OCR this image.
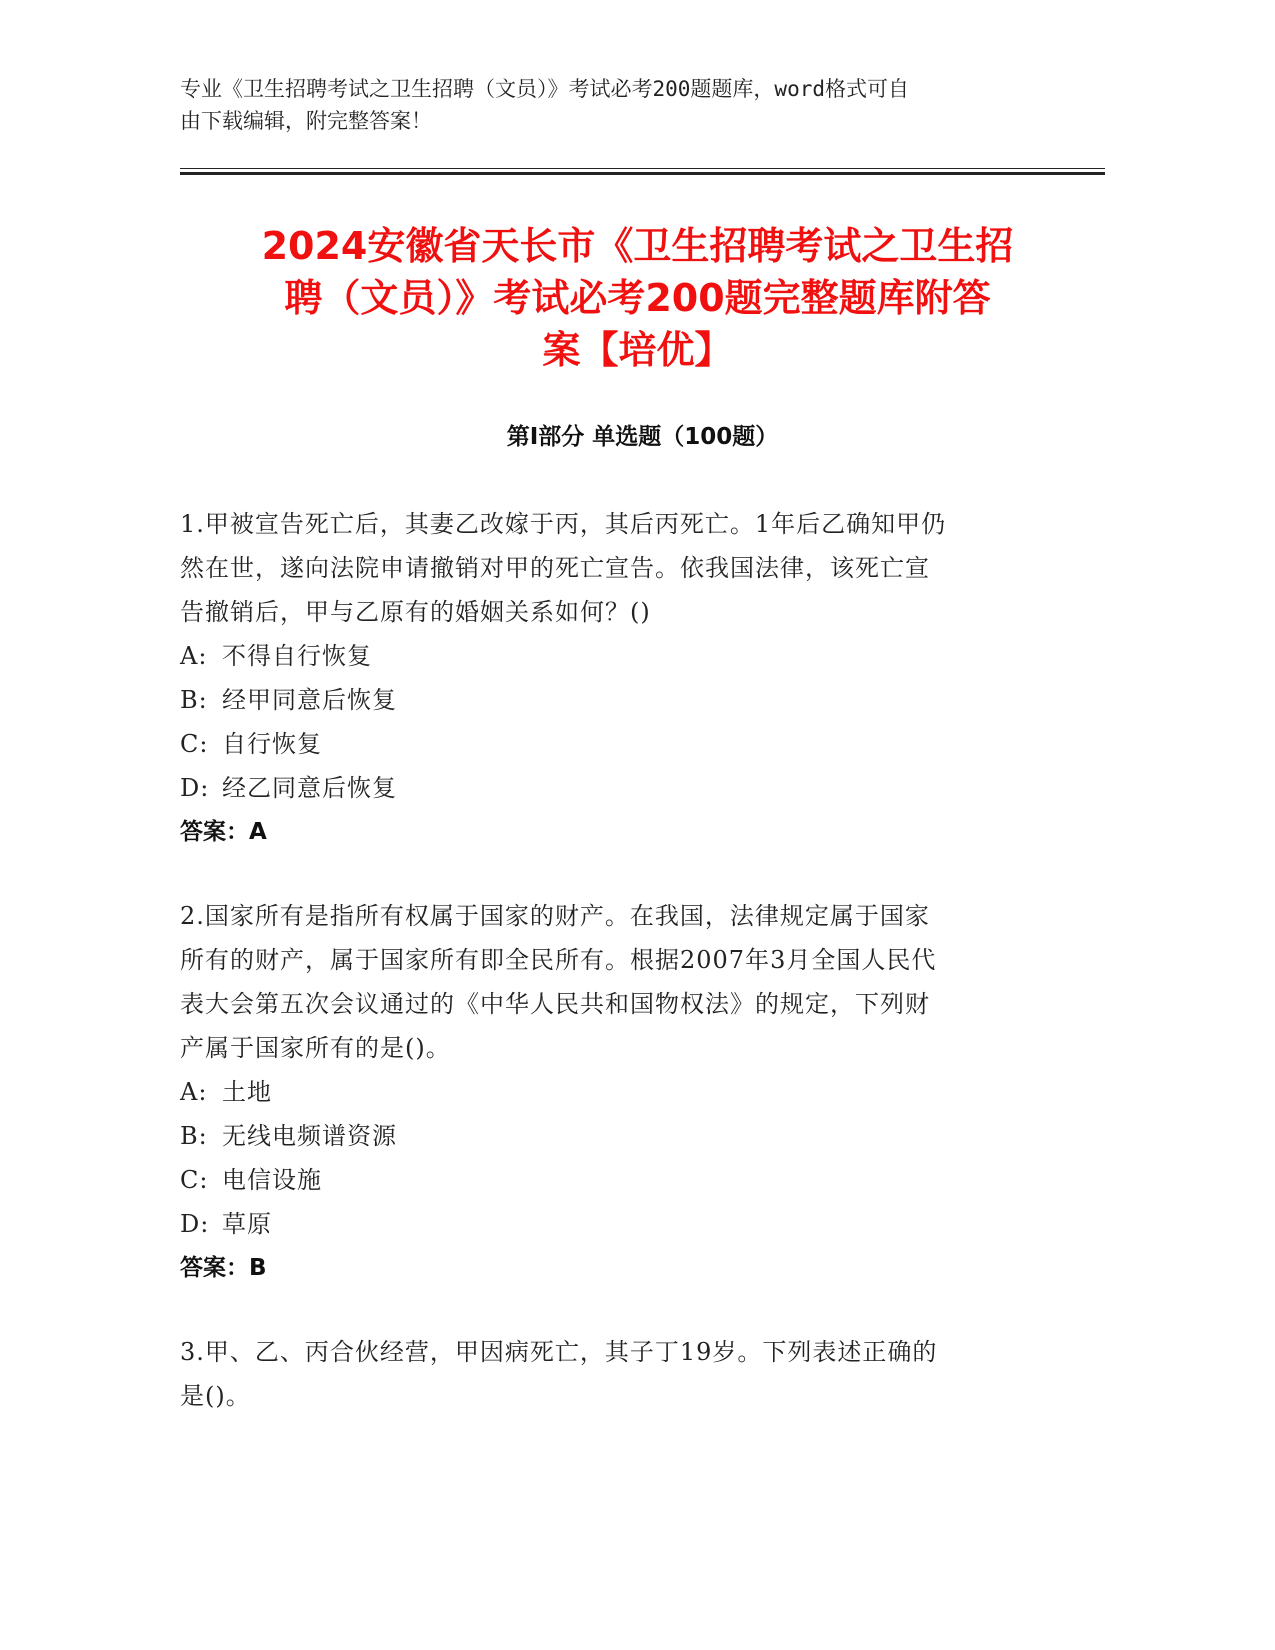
专业《卫生招聘考试之卫生招聘（文员）》考试必考200题题库，word格式可自
由下载编辑，附完整答案！
2024安徽省天长市《卫生招聘考试之卫生招
聘（文员）》考试必考200题完整题库附答
案【培优】
第Ⅰ部分 单选题（100题）

1.甲被宣告死亡后，其妻乙改嫁于丙，其后丙死亡。1年后乙确知甲仍

然在世，遂向法院申请撤销对甲的死亡宣告。依我国法律，该死亡宣

告撤销后，甲与乙原有的婚姻关系如何？()

A: 不得自行恢复

B: 经甲同意后恢复

C: 自行恢复

D: 经乙同意后恢复

答案：A

2.国家所有是指所有权属于国家的财产。在我国，法律规定属于国家

所有的财产，属于国家所有即全民所有。根据2007年3月全国人民代

表大会第五次会议通过的《中华人民共和国物权法》的规定，下列财

产属于国家所有的是()。

A: 土地

B: 无线电频谱资源

C: 电信设施

D: 草原

答案：B

3.甲、乙、丙合伙经营，甲因病死亡，其子丁19岁。下列表述正确的

是()。
